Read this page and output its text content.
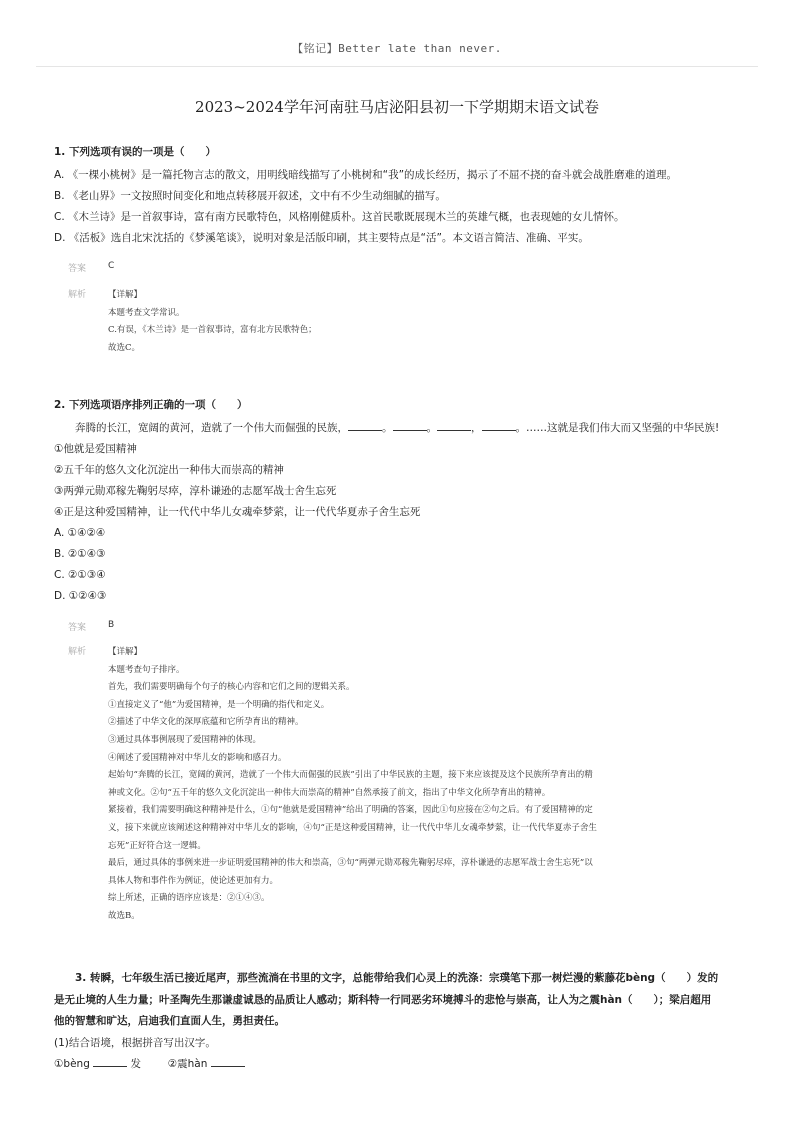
【铭记】Better late than never.
2023~2024学年河南驻马店泌阳县初一下学期期末语文试卷
1. 下列选项有误的一项是（　　）
A. 《一棵小桃树》是一篇托物言志的散文，用明线暗线描写了小桃树和“我”的成长经历，揭示了不屈不挠的奋斗就会战胜磨难的道理。
B. 《老山界》一文按照时间变化和地点转移展开叙述，文中有不少生动细腻的描写。
C. 《木兰诗》是一首叙事诗，富有南方民歌特色，风格刚健质朴。这首民歌既展现木兰的英雄气概，也表现她的女儿情怀。
D. 《活板》选自北宋沈括的《梦溪笔谈》，说明对象是活版印刷，其主要特点是“活”。本文语言简洁、准确、平实。
答案 C
解析	【详解】
本题考查文学常识。
C.有误，《木兰诗》是一首叙事诗，富有北方民歌特色；
故选C。
2. 下列选项语序排列正确的一项（　　）
奔腾的长江，宽阔的黄河，造就了一个伟大而倔强的民族，	。	。	，	。……这就是我们伟大而又坚强的中华民族!
①他就是爱国精神
②五千年的悠久文化沉淀出一种伟大而崇高的精神
③两弹元勋邓稼先鞠躬尽瘁，淳朴谦逊的志愿军战士舍生忘死
④正是这种爱国精神，让一代代中华儿女魂牵梦萦，让一代代华夏赤子舍生忘死
A. ①④②④
B. ②①④③
C. ②①③④
D. ①②④③
答案 B
解析	【详解】
本题考查句子排序。
首先，我们需要明确每个句子的核心内容和它们之间的逻辑关系。
①直接定义了“他”为爱国精神，是一个明确的指代和定义。
②描述了中华文化的深厚底蕴和它所孕育出的精神。
③通过具体事例展现了爱国精神的体现。
④阐述了爱国精神对中华儿女的影响和感召力。
起始句“奔腾的长江，宽阔的黄河，造就了一个伟大而倔强的民族”引出了中华民族的主题，接下来应该提及这个民族所孕育出的精
神或文化。②句“五千年的悠久文化沉淀出一种伟大而崇高的精神”自然承接了前文，指出了中华文化所孕育出的精神。
紧接着，我们需要明确这种精神是什么，①句“他就是爱国精神”给出了明确的答案，因此①句应接在②句之后。有了爱国精神的定
义，接下来就应该阐述这种精神对中华儿女的影响，④句“正是这种爱国精神，让一代代中华儿女魂牵梦萦，让一代代华夏赤子舍生
忘死”正好符合这一逻辑。
最后，通过具体的事例来进一步证明爱国精神的伟大和崇高，③句“两弹元勋邓稼先鞠躬尽瘁，淳朴谦逊的志愿军战士舍生忘死”以
具体人物和事件作为例证，使论述更加有力。
综上所述，正确的语序应该是：②①④③。
故选B。
3. 转瞬，七年级生活已接近尾声，那些流淌在书里的文字，总能带给我们心灵上的洗涤：宗璞笔下那一树烂漫的紫藤花bèng（　　）发的
是无止境的人生力量；叶圣陶先生那谦虚诚恳的品质让人感动；斯科特一行同恶劣环境搏斗的悲怆与崇高，让人为之震hàn（　　）；梁启超用
他的智慧和旷达，启迪我们直面人生，勇担责任。
(1)结合语境，根据拼音写出汉字。
①bèng	发	②震hàn
